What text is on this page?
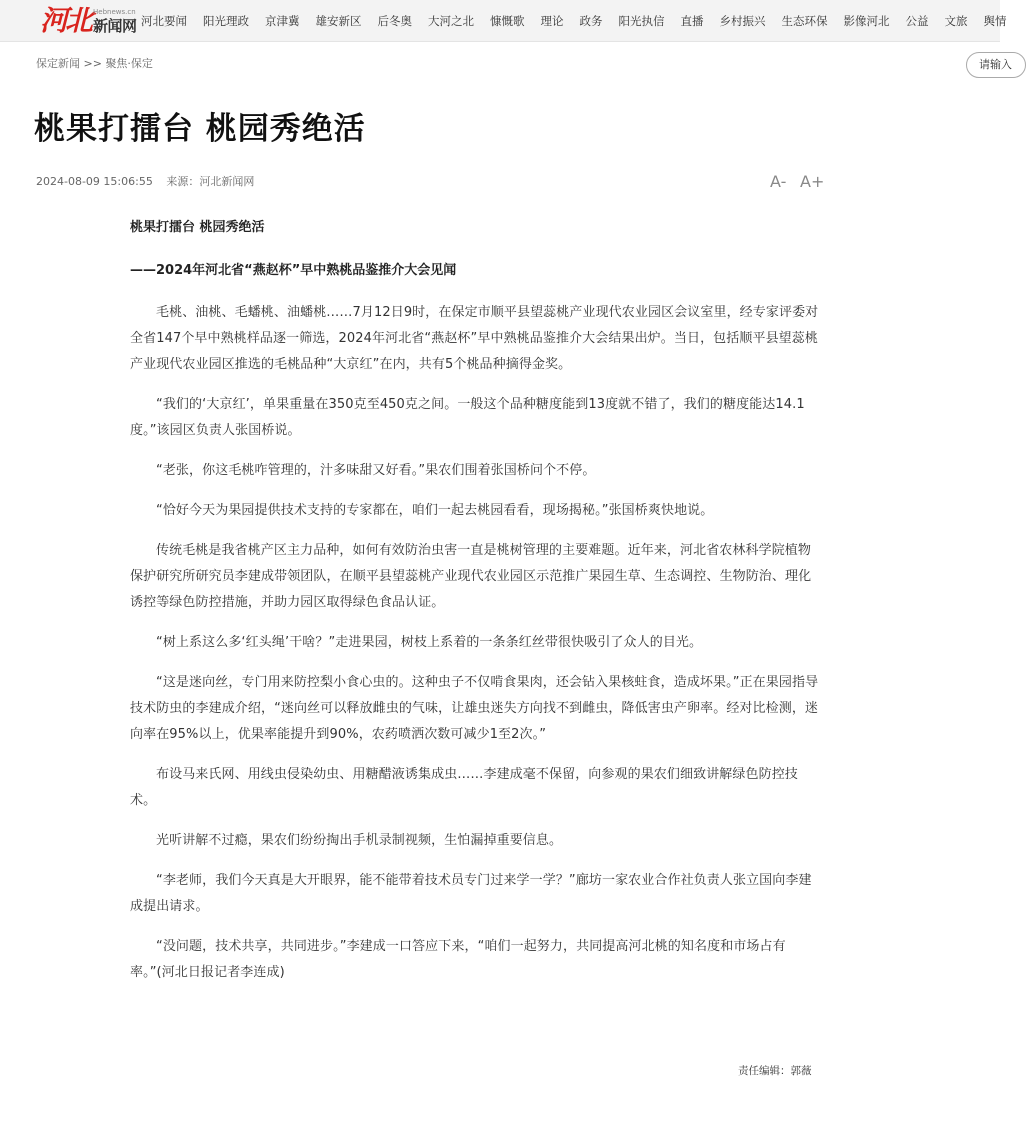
河北 Hebnews.cn
新闻网 河北要闻 阳光理政 京津冀 雄安新区 后冬奥 大河之北 慷慨歌 理论 政务 阳光执信 直播 乡村振兴 生态环保 影像河北 公益 文旅 舆情
保定新闻 >> 聚焦·保定	请输入
桃果打擂台 桃园秀绝活
2024-08-09 15:06:55 来源：河北新闻网	A- A+
桃果打擂台 桃园秀绝活
——2024年河北省“燕赵杯”早中熟桃品鉴推介大会见闻

毛桃、油桃、毛蟠桃、油蟠桃……7月12日9时，在保定市顺平县望蕊桃产业现代农业园区会议室里，经专家评委对全省147个早中熟桃样品逐一筛选，2024年河北省“燕赵杯”早中熟桃品鉴推介大会结果出炉。当日，包括顺平县望蕊桃产业现代农业园区推选的毛桃品种“大京红”在内，共有5个桃品种摘得金奖。

“我们的‘大京红’，单果重量在350克至450克之间。一般这个品种糖度能到13度就不错了，我们的糖度能达14.1度。”该园区负责人张国桥说。

“老张，你这毛桃咋管理的，汁多味甜又好看。”果农们围着张国桥问个不停。

“恰好今天为果园提供技术支持的专家都在，咱们一起去桃园看看，现场揭秘。”张国桥爽快地说。

传统毛桃是我省桃产区主力品种，如何有效防治虫害一直是桃树管理的主要难题。近年来，河北省农林科学院植物保护研究所研究员李建成带领团队，在顺平县望蕊桃产业现代农业园区示范推广果园生草、生态调控、生物防治、理化诱控等绿色防控措施，并助力园区取得绿色食品认证。

“树上系这么多‘红头绳’干啥？”走进果园，树枝上系着的一条条红丝带很快吸引了众人的目光。

“这是迷向丝，专门用来防控梨小食心虫的。这种虫子不仅啃食果肉，还会钻入果核蛀食，造成坏果。”正在果园指导技术防虫的李建成介绍，“迷向丝可以释放雌虫的气味，让雄虫迷失方向找不到雌虫，降低害虫产卵率。经对比检测，迷向率在95%以上，优果率能提升到90%，农药喷洒次数可减少1至2次。”

布设马来氏网、用线虫侵染幼虫、用糖醋液诱集成虫……李建成毫不保留，向参观的果农们细致讲解绿色防控技术。

光听讲解不过瘾，果农们纷纷掏出手机录制视频，生怕漏掉重要信息。

“李老师，我们今天真是大开眼界，能不能带着技术员专门过来学一学？”廊坊一家农业合作社负责人张立国向李建成提出请求。

“没问题，技术共享，共同进步。”李建成一口答应下来，“咱们一起努力，共同提高河北桃的知名度和市场占有率。”(河北日报记者李连成)

责任编辑：郭薇
